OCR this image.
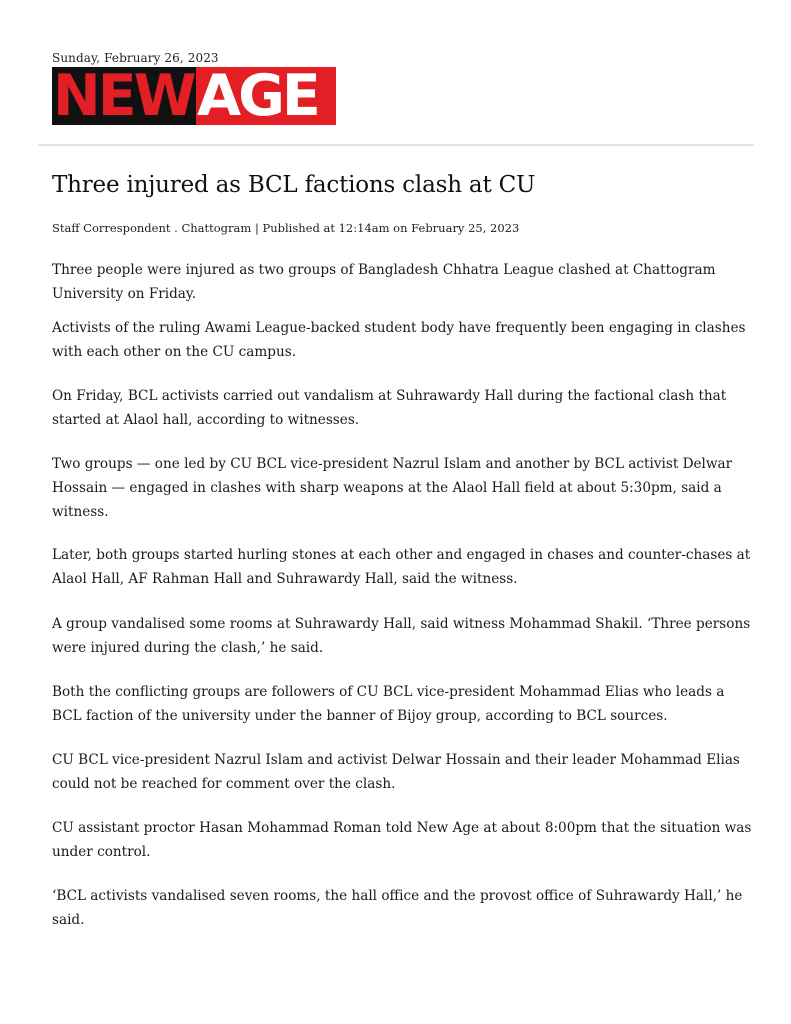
Sunday, February 26, 2023
NEW AGE
Three injured as BCL factions clash at CU
Staff Correspondent . Chattogram | Published at 12:14am on February 25, 2023

Three people were injured as two groups of Bangladesh Chhatra League clashed at Chattogram University on Friday.

Activists of the ruling Awami League-backed student body have frequently been engaging in clashes with each other on the CU campus.

On Friday, BCL activists carried out vandalism at Suhrawardy Hall during the factional clash that started at Alaol hall, according to witnesses.

Two groups — one led by CU BCL vice-president Nazrul Islam and another by BCL activist Delwar Hossain — engaged in clashes with sharp weapons at the Alaol Hall field at about 5:30pm, said a witness.

Later, both groups started hurling stones at each other and engaged in chases and counter-chases at Alaol Hall, AF Rahman Hall and Suhrawardy Hall, said the witness.

A group vandalised some rooms at Suhrawardy Hall, said witness Mohammad Shakil. ‘Three persons were injured during the clash,’ he said.

Both the conflicting groups are followers of CU BCL vice-president Mohammad Elias who leads a BCL faction of the university under the banner of Bijoy group, according to BCL sources.

CU BCL vice-president Nazrul Islam and activist Delwar Hossain and their leader Mohammad Elias could not be reached for comment over the clash.

CU assistant proctor Hasan Mohammad Roman told New Age at about 8:00pm that the situation was under control.

‘BCL activists vandalised seven rooms, the hall office and the provost office of Suhrawardy Hall,’ he said.
